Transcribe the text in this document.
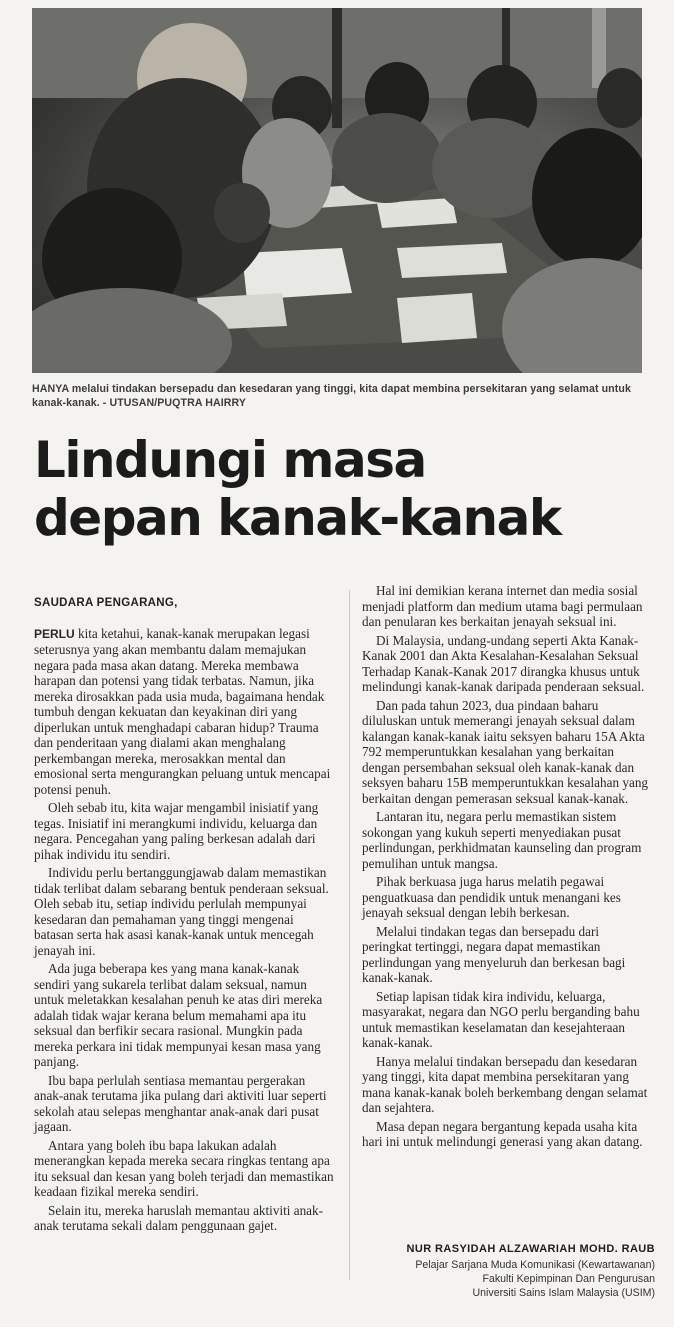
HANYA melalui tindakan bersepadu dan kesedaran yang tinggi, kita dapat membina persekitaran yang selamat untuk kanak-kanak. - UTUSAN/PUQTRA HAIRRY
Lindungi masa
depan kanak-kanak
SAUDARA PENGARANG,

PERLU kita ketahui, kanak-kanak merupakan legasi seterusnya yang akan membantu dalam memajukan negara pada masa akan datang. Mereka membawa harapan dan potensi yang tidak terbatas. Namun, jika mereka dirosakkan pada usia muda, bagaimana hendak tumbuh dengan kekuatan dan keyakinan diri yang diperlukan untuk menghadapi cabaran hidup? Trauma dan penderitaan yang dialami akan menghalang perkembangan mereka, merosakkan mental dan emosional serta mengurangkan peluang untuk mencapai potensi penuh.

Oleh sebab itu, kita wajar mengambil inisiatif yang tegas. Inisiatif ini merangkumi individu, keluarga dan negara. Pencegahan yang paling berkesan adalah dari pihak individu itu sendiri.

Individu perlu bertanggungjawab dalam memastikan tidak terlibat dalam sebarang bentuk penderaan seksual. Oleh sebab itu, setiap individu perlulah mempunyai kesedaran dan pemahaman yang tinggi mengenai batasan serta hak asasi kanak-kanak untuk mencegah jenayah ini.

Ada juga beberapa kes yang mana kanak-kanak sendiri yang sukarela terlibat dalam seksual, namun untuk meletakkan kesalahan penuh ke atas diri mereka adalah tidak wajar kerana belum memahami apa itu seksual dan berfikir secara rasional. Mungkin pada mereka perkara ini tidak mempunyai kesan masa yang panjang.

Ibu bapa perlulah sentiasa memantau pergerakan anak-anak terutama jika pulang dari aktiviti luar seperti sekolah atau selepas menghantar anak-anak dari pusat jagaan.

Antara yang boleh ibu bapa lakukan adalah menerangkan kepada mereka secara ringkas tentang apa itu seksual dan kesan yang boleh terjadi dan memastikan keadaan fizikal mereka sendiri.

Selain itu, mereka haruslah memantau aktiviti anak-anak terutama sekali dalam penggunaan gajet.

Hal ini demikian kerana internet dan media sosial menjadi platform dan medium utama bagi permulaan dan penularan kes berkaitan jenayah seksual ini.

Di Malaysia, undang-undang seperti Akta Kanak-Kanak 2001 dan Akta Kesalahan-Kesalahan Seksual Terhadap Kanak-Kanak 2017 dirangka khusus untuk melindungi kanak-kanak daripada penderaan seksual.

Dan pada tahun 2023, dua pindaan baharu diluluskan untuk memerangi jenayah seksual dalam kalangan kanak-kanak iaitu seksyen baharu 15A Akta 792 memperuntukkan kesalahan yang berkaitan dengan persembahan seksual oleh kanak-kanak dan seksyen baharu 15B memperuntukkan kesalahan yang berkaitan dengan pemerasan seksual kanak-kanak.

Lantaran itu, negara perlu memastikan sistem sokongan yang kukuh seperti menyediakan pusat perlindungan, perkhidmatan kaunseling dan program pemulihan untuk mangsa.

Pihak berkuasa juga harus melatih pegawai penguatkuasa dan pendidik untuk menangani kes jenayah seksual dengan lebih berkesan.

Melalui tindakan tegas dan bersepadu dari peringkat tertinggi, negara dapat memastikan perlindungan yang menyeluruh dan berkesan bagi kanak-kanak.

Setiap lapisan tidak kira individu, keluarga, masyarakat, negara dan NGO perlu berganding bahu untuk memastikan keselamatan dan kesejahteraan kanak-kanak.

Hanya melalui tindakan bersepadu dan kesedaran yang tinggi, kita dapat membina persekitaran yang mana kanak-kanak boleh berkembang dengan selamat dan sejahtera.

Masa depan negara bergantung kepada usaha kita hari ini untuk melindungi generasi yang akan datang.

NUR RASYIDAH ALZAWARIAH MOHD. RAUB
Pelajar Sarjana Muda Komunikasi (Kewartawanan)
Fakulti Kepimpinan Dan Pengurusan
Universiti Sains Islam Malaysia (USIM)
